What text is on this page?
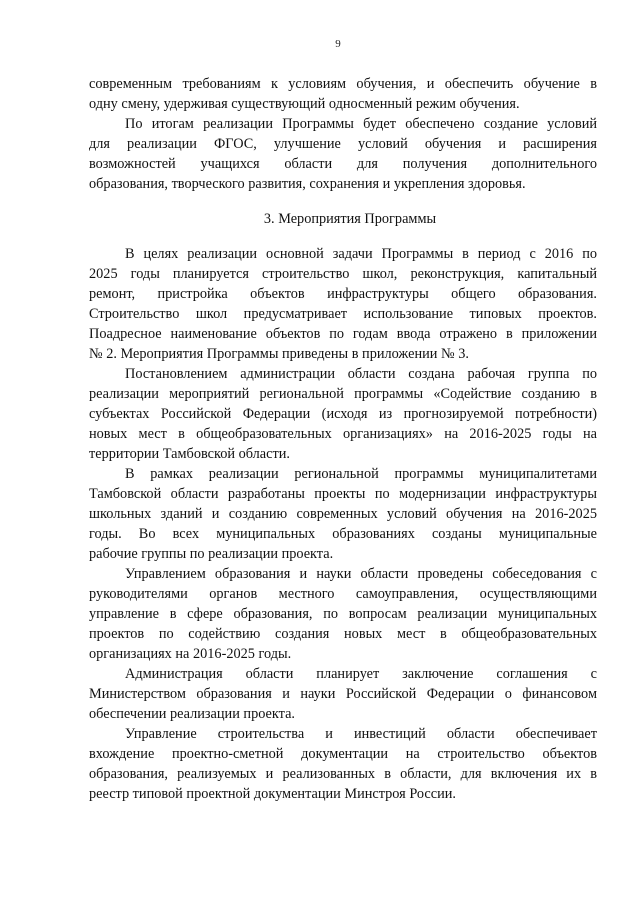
9
современным требованиям к условиям обучения, и обеспечить обучение в
одну смену, удерживая существующий односменный режим обучения.
По итогам реализации Программы будет обеспечено создание условий
для реализации ФГОС, улучшение условий обучения и расширения
возможностей учащихся области для получения дополнительного
образования, творческого развития, сохранения и укрепления здоровья.
3. Мероприятия Программы
В целях реализации основной задачи Программы в период с 2016 по
2025 годы планируется строительство школ, реконструкция, капитальный
ремонт, пристройка объектов инфраструктуры общего образования.
Строительство школ предусматривает использование типовых проектов.
Поадресное наименование объектов по годам ввода отражено в приложении
№ 2. Мероприятия Программы приведены в приложении № 3.
Постановлением администрации области создана рабочая группа по
реализации мероприятий региональной программы «Содействие созданию в
субъектах Российской Федерации (исходя из прогнозируемой потребности)
новых мест в общеобразовательных организациях» на 2016-2025 годы на
территории Тамбовской области.
В рамках реализации региональной программы муниципалитетами
Тамбовской области разработаны проекты по модернизации инфраструктуры
школьных зданий и созданию современных условий обучения на 2016-2025
годы. Во всех муниципальных образованиях созданы муниципальные
рабочие группы по реализации проекта.
Управлением образования и науки области проведены собеседования с
руководителями органов местного самоуправления, осуществляющими
управление в сфере образования, по вопросам реализации муниципальных
проектов по содействию создания новых мест в общеобразовательных
организациях на 2016-2025 годы.
Администрация области планирует заключение соглашения с
Министерством образования и науки Российской Федерации о финансовом
обеспечении реализации проекта.
Управление строительства и инвестиций области обеспечивает
вхождение проектно-сметной документации на строительство объектов
образования, реализуемых и реализованных в области, для включения их в
реестр типовой проектной документации Минстроя России.
